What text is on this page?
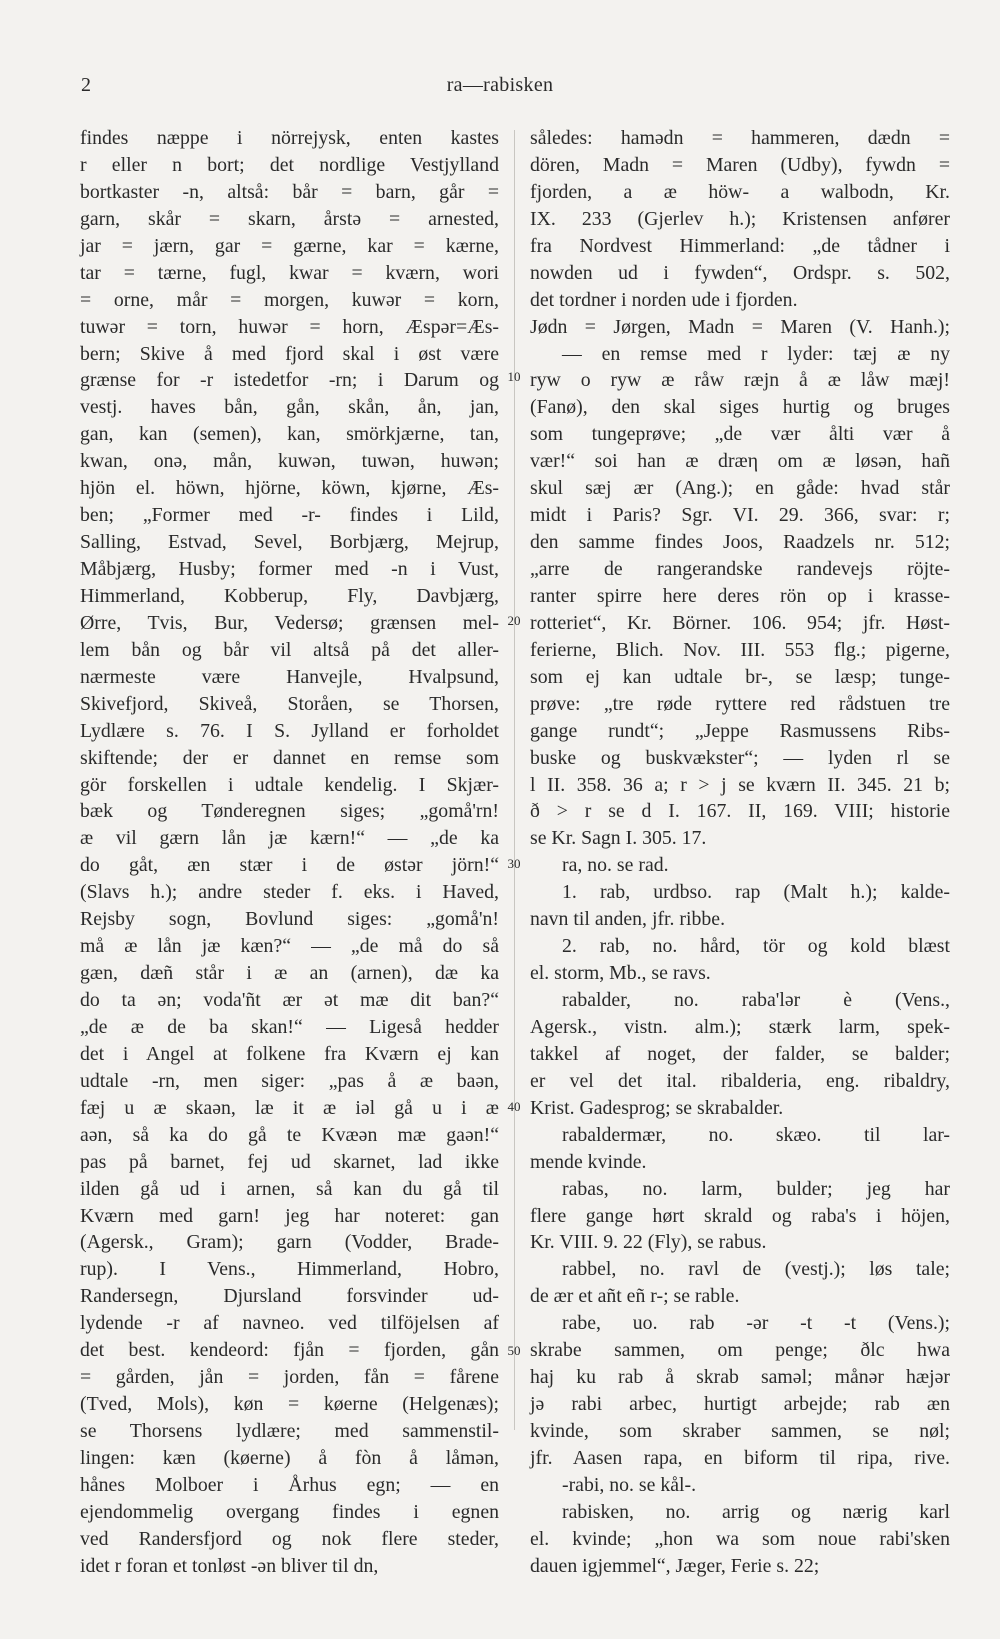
2	ra—rabisken
findes næppe i nörrejysk, enten kastes
r eller n bort; det nordlige Vestjylland
bortkaster -n, altså: bår = barn, går =
garn, skår = skarn, årstə = arnested,
jar = jærn, gar = gærne, kar = kærne,
tar = tærne, fugl, kwar = kværn, wori
= orne, mår = morgen, kuwər = korn,
tuwər = torn, huwər = horn, Æspər=Æs-
bern; Skive å med fjord skal i øst være
grænse for -r istedetfor -rn; i Darum og
vestj. haves bån, gån, skån, ån, jan,
gan, kan (semen), kan, smörkjærne, tan,
kwan, onə, mån, kuwən, tuwən, huwən;
hjön el. höwn, hjörne, köwn, kjørne, Æs-
ben; „Former med -r- findes i Lild,
Salling, Estvad, Sevel, Borbjærg, Mejrup,
Måbjærg, Husby; former med -n i Vust,
Himmerland, Kobberup, Fly, Davbjærg,
Ørre, Tvis, Bur, Vedersø; grænsen mel-
lem bån og bår vil altså på det aller-
nærmeste være Hanvejle, Hvalpsund,
Skivefjord, Skiveå, Storåen, se Thorsen,
Lydlære s. 76. I S. Jylland er forholdet
skiftende; der er dannet en remse som
gör forskellen i udtale kendelig. I Skjær-
bæk og Tønderegnen siges; „gomå'rn!
æ vil gærn lån jæ kærn!“ — „de ka
do gåt, æn stær i de østər jörn!“
(Slavs h.); andre steder f. eks. i Haved,
Rejsby sogn, Bovlund siges: „gomå'n!
må æ lån jæ kæn?“ — „de må do så
gæn, dæñ står i æ an (arnen), dæ ka
do ta ən; voda'ñt ær ət mæ dit ban?“
„de æ de ba skan!“ — Ligeså hedder
det i Angel at folkene fra Kværn ej kan
udtale -rn, men siger: „pas å æ baən,
fæj u æ skaən, læ it æ iəl gå u i æ
aən, så ka do gå te Kvæən mæ gaən!“
pas på barnet, fej ud skarnet, lad ikke
ilden gå ud i arnen, så kan du gå til
Kværn med garn! jeg har noteret: gan
(Agersk., Gram); garn (Vodder, Brade-
rup). I Vens., Himmerland, Hobro,
Randersegn, Djursland forsvinder ud-
lydende -r af navneo. ved tilföjelsen af
det best. kendeord: fjån = fjorden, gån
= gården, jån = jorden, fån = fårene
(Tved, Mols), køn = køerne (Helgenæs);
se Thorsens lydlære; med sammenstil-
lingen: kæn (køerne) å fòn å låmən,
hånes Molboer i Århus egn; — en
ejendommelig overgang findes i egnen
ved Randersfjord og nok flere steder,
idet r foran et tonløst -ən bliver til dn,
således: hamədn = hammeren, dædn =
dören, Madn = Maren (Udby), fywdn =
fjorden, a æ höw- a walbodn, Kr.
IX. 233 (Gjerlev h.); Kristensen anfører
fra Nordvest Himmerland: „de tådner i
nowden ud i fywden“, Ordspr. s. 502,
det tordner i norden ude i fjorden.
Jødn = Jørgen, Madn = Maren (V. Hanh.);
— en remse med r lyder: tæj æ ny
ryw o ryw æ råw ræjn å æ låw mæj!
(Fanø), den skal siges hurtig og bruges
som tungeprøve; „de vær ålti vær å
vær!“ soi han æ dræη om æ løsən, hañ
skul sæj ær (Ang.); en gåde: hvad står
midt i Paris? Sgr. VI. 29. 366, svar: r;
den samme findes Joos, Raadzels nr. 512;
„arre de rangerandske randevejs röjte-
ranter spirre here deres rön op i krasse-
rotteriet“, Kr. Börner. 106. 954; jfr. Høst-
ferierne, Blich. Nov. III. 553 flg.; pigerne,
som ej kan udtale br-, se læsp; tunge-
prøve: „tre røde ryttere red rådstuen tre
gange rundt“; „Jeppe Rasmussens Ribs-
buske og buskvækster“; — lyden rl se
l II. 358. 36 a; r > j se kværn II. 345. 21 b;
ð > r se d I. 167. II, 169. VIII; historie
se Kr. Sagn I. 305. 17.
ra, no. se rad.
1. rab, urdbso. rap (Malt h.); kalde-
navn til anden, jfr. ribbe.
2. rab, no. hård, tör og kold blæst
el. storm, Mb., se ravs.
rabalder, no. raba'lər è (Vens.,
Agersk., vistn. alm.); stærk larm, spek-
takkel af noget, der falder, se balder;
er vel det ital. ribalderia, eng. ribaldry,
Krist. Gadesprog; se skrabalder.
rabaldermær, no. skæo. til lar-
mende kvinde.
rabas, no. larm, bulder; jeg har
flere gange hørt skrald og raba's i höjen,
Kr. VIII. 9. 22 (Fly), se rabus.
rabbel, no. ravl de (vestj.); løs tale;
de ær et añt eñ r-; se rable.
rabe, uo. rab -ər -t -t (Vens.);
skrabe sammen, om penge; ðlc hwa
haj ku rab å skrab saməl; månər hæjər
jə rabi arbec, hurtigt arbejde; rab æn
kvinde, som skraber sammen, se nøl;
jfr. Aasen rapa, en biform til ripa, rive.
-rabi, no. se kål-.
rabisken, no. arrig og nærig karl
el. kvinde; „hon wa som noue rabi'sken
dauen igjemmel“, Jæger, Ferie s. 22;
10
20
30
40
50
